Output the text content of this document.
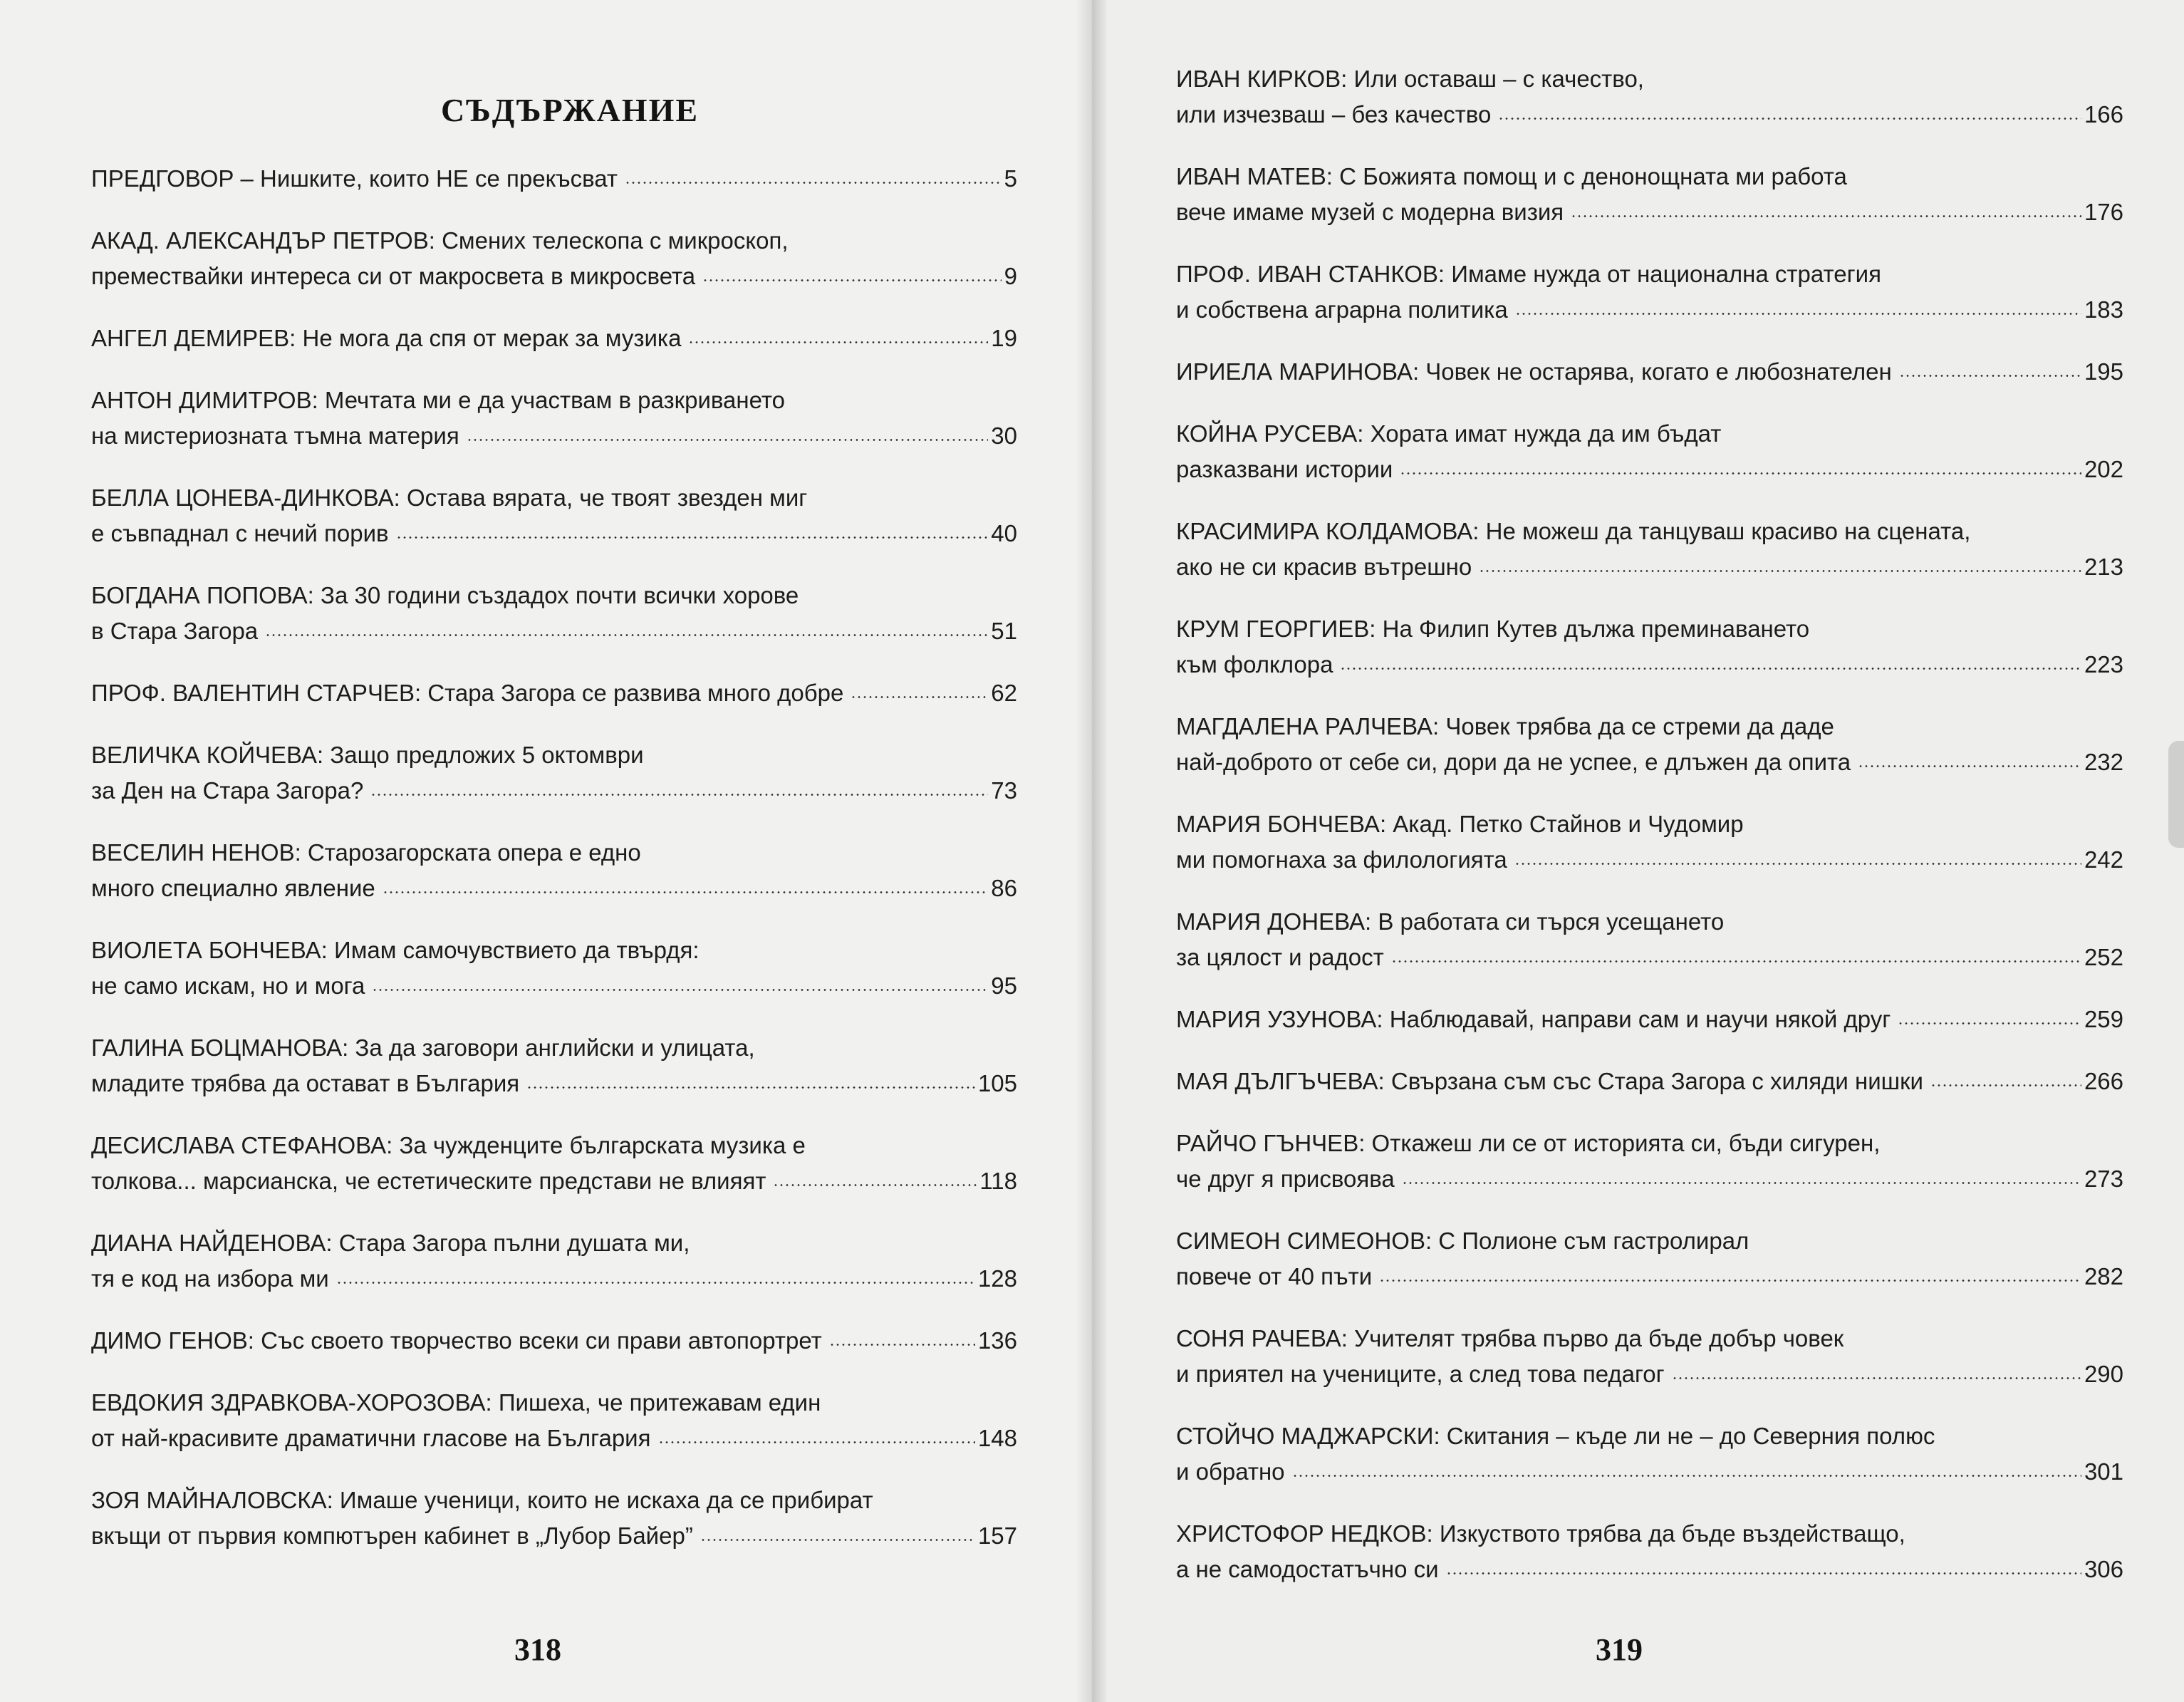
СЪДЪРЖАНИЕ
ПРЕДГОВОР – Нишките, които НЕ се прекъсват	5
АКАД. АЛЕКСАНДЪР ПЕТРОВ: Смених телескопа с микроскоп,
премествайки интереса си от макросвета в микросвета	9
АНГЕЛ ДЕМИРЕВ: Не мога да спя от мерак за музика	19
АНТОН ДИМИТРОВ: Мечтата ми е да участвам в разкриването
на мистериозната тъмна материя	30
БЕЛЛА ЦОНЕВА-ДИНКОВА: Остава вярата, че твоят звезден миг
е съвпаднал с нечий порив	40
БОГДАНА ПОПОВА: За 30 години създадох почти всички хорове
в Стара Загора	51
ПРОФ. ВАЛЕНТИН СТАРЧЕВ: Стара Загора се развива много добре	62
ВЕЛИЧКА КОЙЧЕВА: Защо предложих 5 октомври
за Ден на Стара Загора?	73
ВЕСЕЛИН НЕНОВ: Старозагорската опера е едно
много специално явление	86
ВИОЛЕТА БОНЧЕВА: Имам самочувствието да твърдя:
не само искам, но и мога	95
ГАЛИНА БОЦМАНОВА: За да заговори английски и улицата,
младите трябва да остават в България	105
ДЕСИСЛАВА СТЕФАНОВА: За чужденците българската музика е
толкова... марсианска, че естетическите представи не влияят	118
ДИАНА НАЙДЕНОВА: Стара Загора пълни душата ми,
тя е код на избора ми	128
ДИМО ГЕНОВ: Със своето творчество всеки си прави автопортрет	136
ЕВДОКИЯ ЗДРАВКОВА-ХОРОЗОВА: Пишеха, че притежавам един
от най-красивите драматични гласове на България	148
ЗОЯ МАЙНАЛОВСКА: Имаше ученици, които не искаха да се прибират
вкъщи от първия компютърен кабинет в „Лубор Байер”	157
318
ИВАН КИРКОВ: Или оставаш – с качество,
или изчезваш – без качество	166
ИВАН МАТЕВ: С Божията помощ и с денонощната ми работа
вече имаме музей с модерна визия	176
ПРОФ. ИВАН СТАНКОВ: Имаме нужда от национална стратегия
и собствена аграрна политика	183
ИРИЕЛА МАРИНОВА: Човек не остарява, когато е любознателен	195
КОЙНА РУСЕВА: Хората имат нужда да им бъдат
разказвани истории	202
КРАСИМИРА КОЛДАМОВА: Не можеш да танцуваш красиво на сцената,
ако не си красив вътрешно	213
КРУМ ГЕОРГИЕВ: На Филип Кутев дължа преминаването
към фолклора	223
МАГДАЛЕНА РАЛЧЕВА: Човек трябва да се стреми да даде
най-доброто от себе си, дори да не успее, е длъжен да опита	232
МАРИЯ БОНЧЕВА: Акад. Петко Стайнов и Чудомир
ми помогнаха за филологията	242
МАРИЯ ДОНЕВА: В работата си търся усещането
за цялост и радост	252
МАРИЯ УЗУНОВА: Наблюдавай, направи сам и научи някой друг	259
МАЯ ДЪЛГЪЧЕВА: Свързана съм със Стара Загора с хиляди нишки	266
РАЙЧО ГЪНЧЕВ: Откажеш ли се от историята си, бъди сигурен,
че друг я присвоява	273
СИМЕОН СИМЕОНОВ: С Полионе съм гастролирал
повече от 40 пъти	282
СОНЯ РАЧЕВА: Учителят трябва първо да бъде добър човек
и приятел на учениците, а след това педагог	290
СТОЙЧО МАДЖАРСКИ: Скитания – къде ли не – до Северния полюс
и обратно	301
ХРИСТОФОР НЕДКОВ: Изкуството трябва да бъде въздействащо,
а не самодостатъчно си	306
319
